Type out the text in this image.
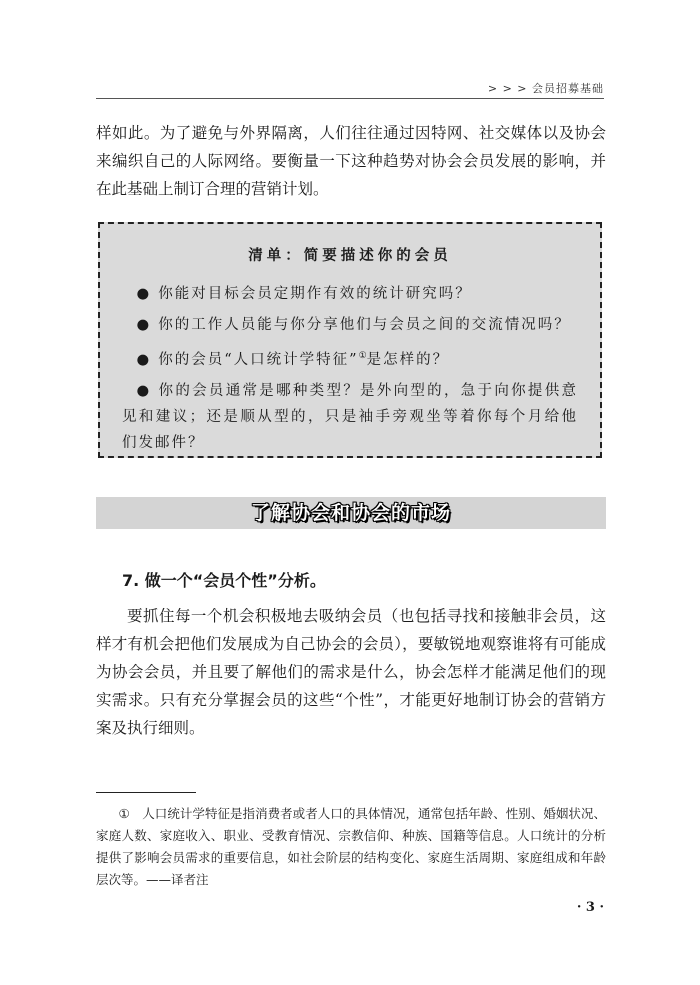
> > > 会员招募基础

样如此。为了避免与外界隔离，人们往往通过因特网、社交媒体以及协会来编织自己的人际网络。要衡量一下这种趋势对协会会员发展的影响，并在此基础上制订合理的营销计划。

清单：简要描述你的会员
● 你能对目标会员定期作有效的统计研究吗？
● 你的工作人员能与你分享他们与会员之间的交流情况吗？
● 你的会员“人口统计学特征”①是怎样的？
● 你的会员通常是哪种类型？是外向型的，急于向你提供意见和建议；还是顺从型的，只是袖手旁观坐等着你每个月给他们发邮件？
了解协会和协会的市场
7. 做一个“会员个性”分析。

要抓住每一个机会积极地去吸纳会员（也包括寻找和接触非会员，这样才有机会把他们发展成为自己协会的会员），要敏锐地观察谁将有可能成为协会会员，并且要了解他们的需求是什么，协会怎样才能满足他们的现实需求。只有充分掌握会员的这些“个性”，才能更好地制订协会的营销方案及执行细则。

①　人口统计学特征是指消费者或者人口的具体情况，通常包括年龄、性别、婚姻状况、家庭人数、家庭收入、职业、受教育情况、宗教信仰、种族、国籍等信息。人口统计的分析提供了影响会员需求的重要信息，如社会阶层的结构变化、家庭生活周期、家庭组成和年龄层次等。——译者注

· 3 ·
